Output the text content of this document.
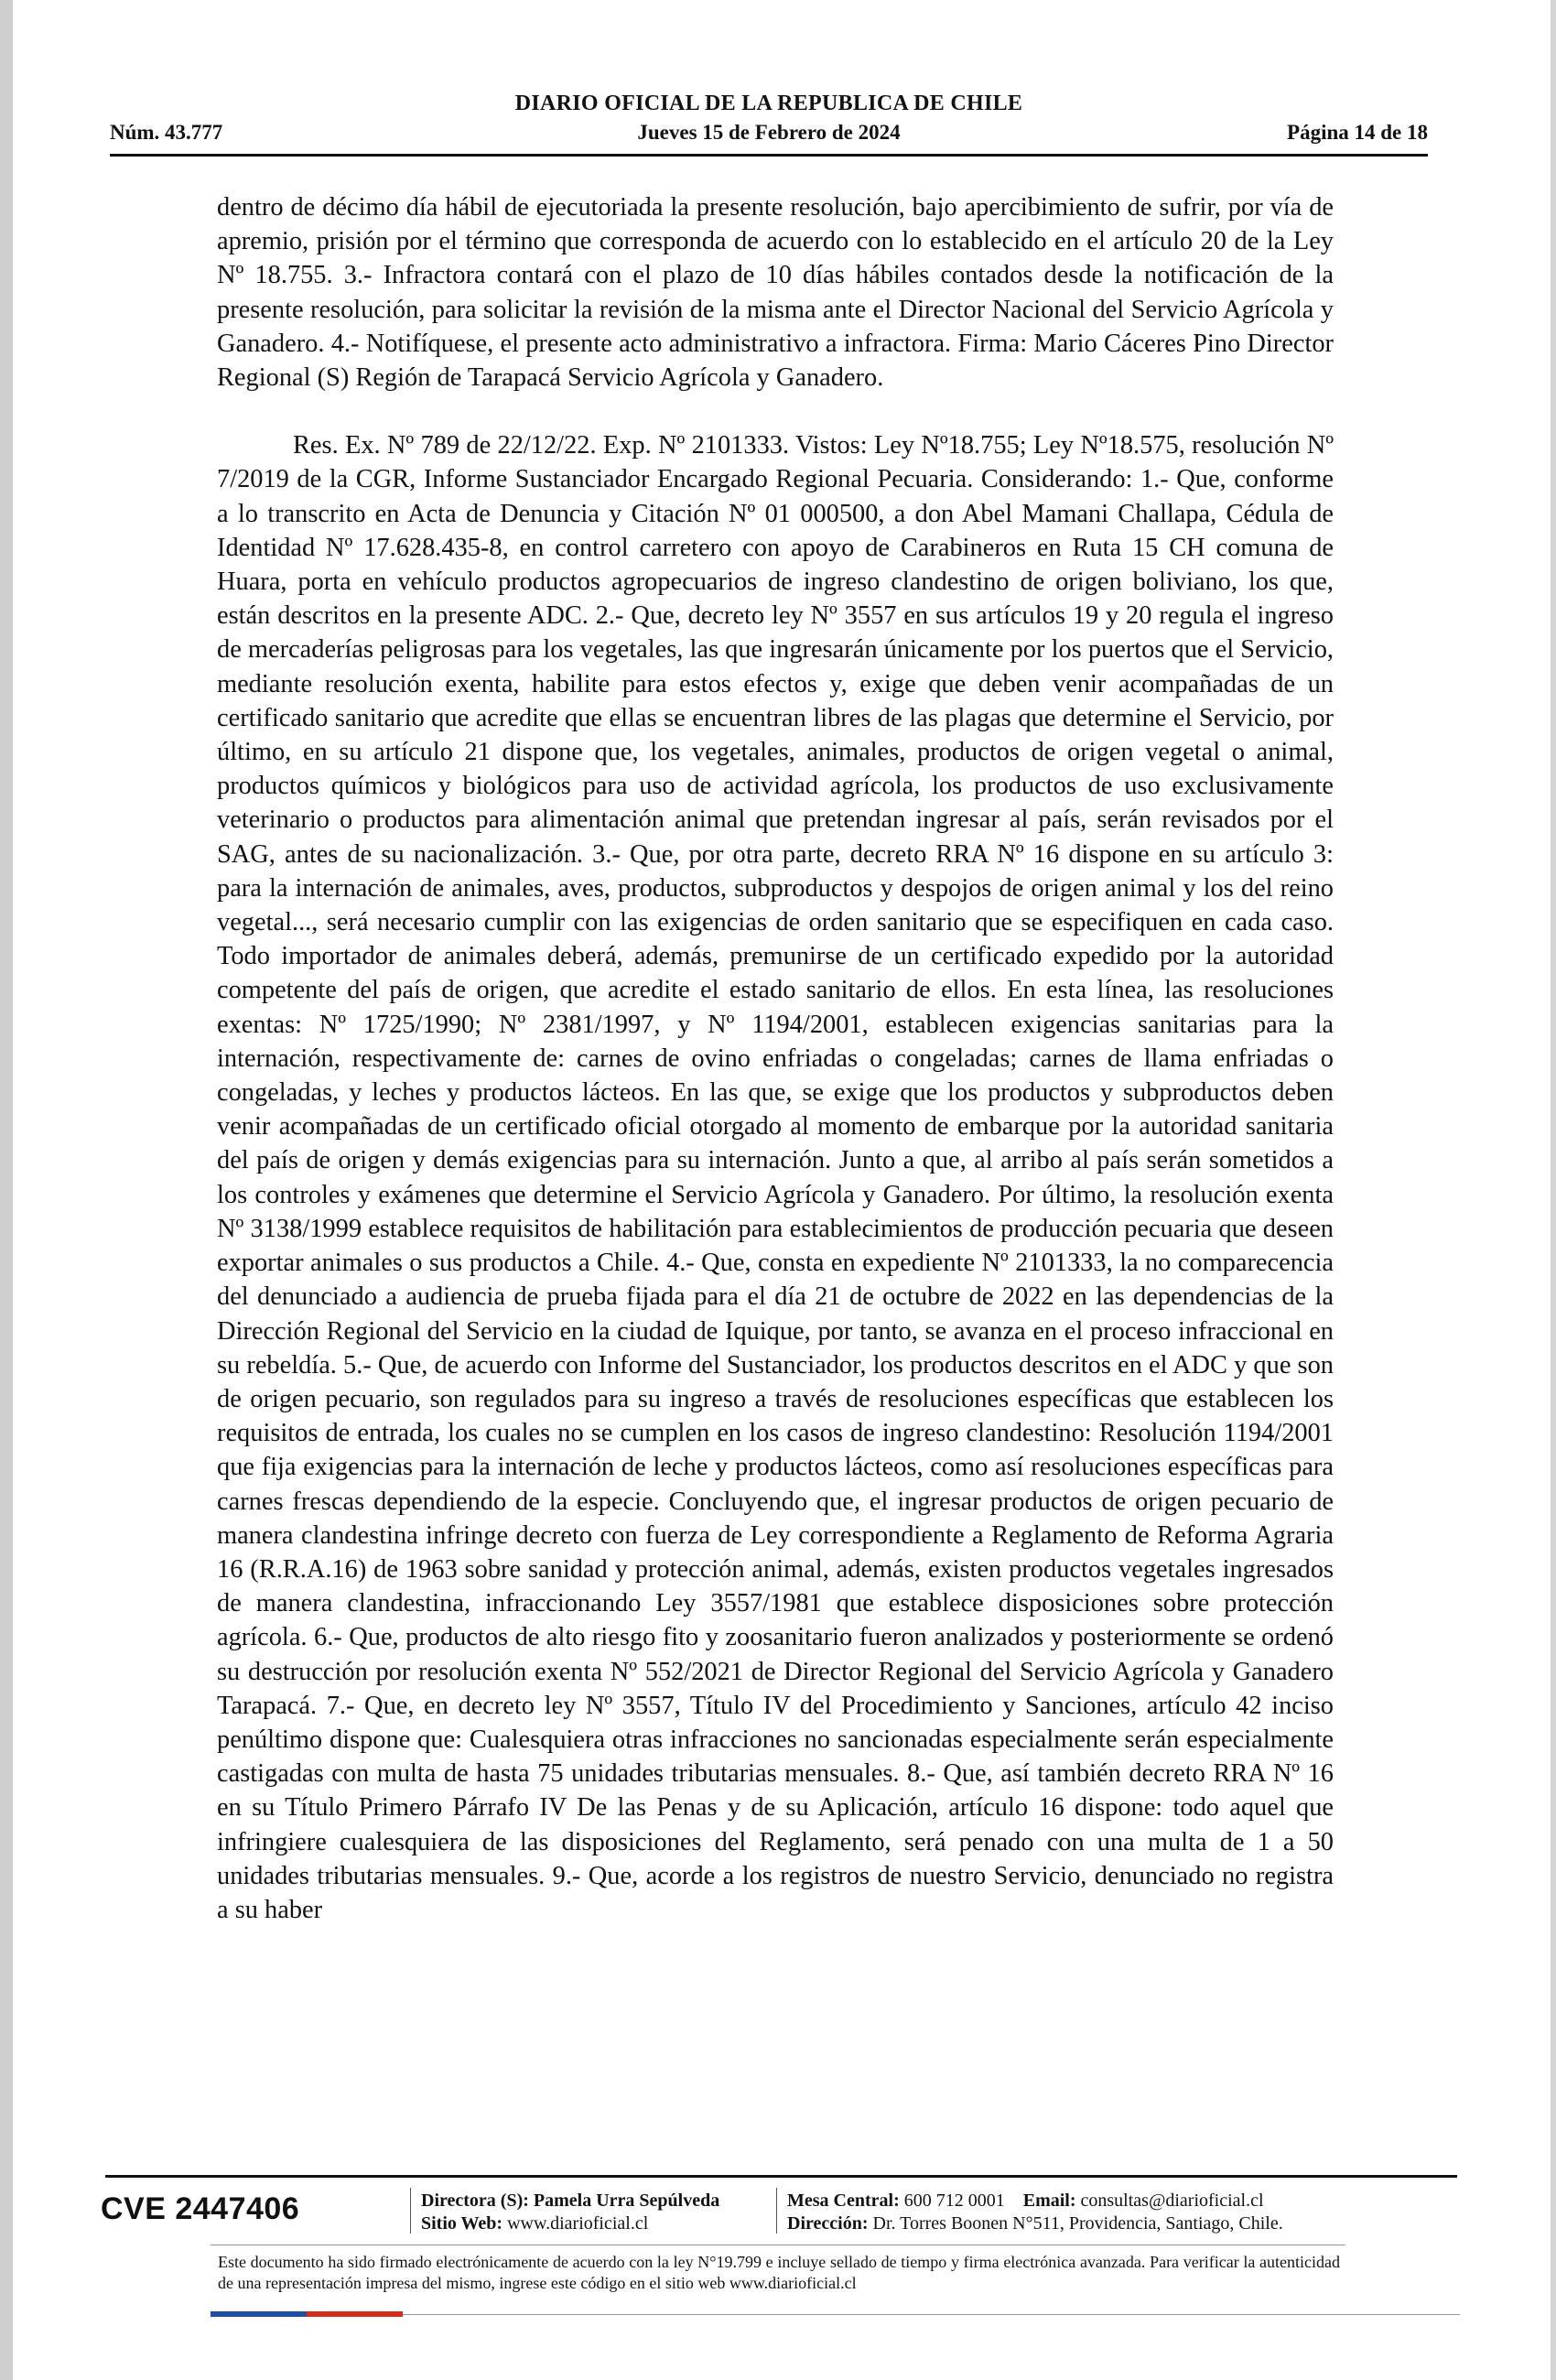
DIARIO OFICIAL DE LA REPUBLICA DE CHILE
Núm. 43.777	Jueves 15 de Febrero de 2024	Página 14 de 18

dentro de décimo día hábil de ejecutoriada la presente resolución, bajo apercibimiento de sufrir, por vía de apremio, prisión por el término que corresponda de acuerdo con lo establecido en el artículo 20 de la Ley Nº 18.755. 3.- Infractora contará con el plazo de 10 días hábiles contados desde la notificación de la presente resolución, para solicitar la revisión de la misma ante el Director Nacional del Servicio Agrícola y Ganadero. 4.- Notifíquese, el presente acto administrativo a infractora. Firma: Mario Cáceres Pino Director Regional (S) Región de Tarapacá Servicio Agrícola y Ganadero.

Res. Ex. Nº 789 de 22/12/22. Exp. Nº 2101333. Vistos: Ley Nº18.755; Ley Nº18.575, resolución Nº 7/2019 de la CGR, Informe Sustanciador Encargado Regional Pecuaria. Considerando: 1.- Que, conforme a lo transcrito en Acta de Denuncia y Citación Nº 01 000500, a don Abel Mamani Challapa, Cédula de Identidad Nº 17.628.435-8, en control carretero con apoyo de Carabineros en Ruta 15 CH comuna de Huara, porta en vehículo productos agropecuarios de ingreso clandestino de origen boliviano, los que, están descritos en la presente ADC. 2.- Que, decreto ley Nº 3557 en sus artículos 19 y 20 regula el ingreso de mercaderías peligrosas para los vegetales, las que ingresarán únicamente por los puertos que el Servicio, mediante resolución exenta, habilite para estos efectos y, exige que deben venir acompañadas de un certificado sanitario que acredite que ellas se encuentran libres de las plagas que determine el Servicio, por último, en su artículo 21 dispone que, los vegetales, animales, productos de origen vegetal o animal, productos químicos y biológicos para uso de actividad agrícola, los productos de uso exclusivamente veterinario o productos para alimentación animal que pretendan ingresar al país, serán revisados por el SAG, antes de su nacionalización. 3.- Que, por otra parte, decreto RRA Nº 16 dispone en su artículo 3: para la internación de animales, aves, productos, subproductos y despojos de origen animal y los del reino vegetal..., será necesario cumplir con las exigencias de orden sanitario que se especifiquen en cada caso. Todo importador de animales deberá, además, premunirse de un certificado expedido por la autoridad competente del país de origen, que acredite el estado sanitario de ellos. En esta línea, las resoluciones exentas: Nº 1725/1990; Nº 2381/1997, y Nº 1194/2001, establecen exigencias sanitarias para la internación, respectivamente de: carnes de ovino enfriadas o congeladas; carnes de llama enfriadas o congeladas, y leches y productos lácteos. En las que, se exige que los productos y subproductos deben venir acompañadas de un certificado oficial otorgado al momento de embarque por la autoridad sanitaria del país de origen y demás exigencias para su internación. Junto a que, al arribo al país serán sometidos a los controles y exámenes que determine el Servicio Agrícola y Ganadero. Por último, la resolución exenta Nº 3138/1999 establece requisitos de habilitación para establecimientos de producción pecuaria que deseen exportar animales o sus productos a Chile. 4.- Que, consta en expediente Nº 2101333, la no comparecencia del denunciado a audiencia de prueba fijada para el día 21 de octubre de 2022 en las dependencias de la Dirección Regional del Servicio en la ciudad de Iquique, por tanto, se avanza en el proceso infraccional en su rebeldía. 5.- Que, de acuerdo con Informe del Sustanciador, los productos descritos en el ADC y que son de origen pecuario, son regulados para su ingreso a través de resoluciones específicas que establecen los requisitos de entrada, los cuales no se cumplen en los casos de ingreso clandestino: Resolución 1194/2001 que fija exigencias para la internación de leche y productos lácteos, como así resoluciones específicas para carnes frescas dependiendo de la especie. Concluyendo que, el ingresar productos de origen pecuario de manera clandestina infringe decreto con fuerza de Ley correspondiente a Reglamento de Reforma Agraria 16 (R.R.A.16) de 1963 sobre sanidad y protección animal, además, existen productos vegetales ingresados de manera clandestina, infraccionando Ley 3557/1981 que establece disposiciones sobre protección agrícola. 6.- Que, productos de alto riesgo fito y zoosanitario fueron analizados y posteriormente se ordenó su destrucción por resolución exenta Nº 552/2021 de Director Regional del Servicio Agrícola y Ganadero Tarapacá. 7.- Que, en decreto ley Nº 3557, Título IV del Procedimiento y Sanciones, artículo 42 inciso penúltimo dispone que: Cualesquiera otras infracciones no sancionadas especialmente serán especialmente castigadas con multa de hasta 75 unidades tributarias mensuales. 8.- Que, así también decreto RRA Nº 16 en su Título Primero Párrafo IV De las Penas y de su Aplicación, artículo 16 dispone: todo aquel que infringiere cualesquiera de las disposiciones del Reglamento, será penado con una multa de 1 a 50 unidades tributarias mensuales. 9.- Que, acorde a los registros de nuestro Servicio, denunciado no registra a su haber

CVE 2447406	Directora (S): Pamela Urra Sepúlveda
Sitio Web: www.diarioficial.cl
Mesa Central: 600 712 0001 Email: consultas@diarioficial.cl
Dirección: Dr. Torres Boonen N°511, Providencia, Santiago, Chile.
Este documento ha sido firmado electrónicamente de acuerdo con la ley N°19.799 e incluye sellado de tiempo y firma electrónica avanzada. Para verificar la autenticidad de una representación impresa del mismo, ingrese este código en el sitio web www.diarioficial.cl
